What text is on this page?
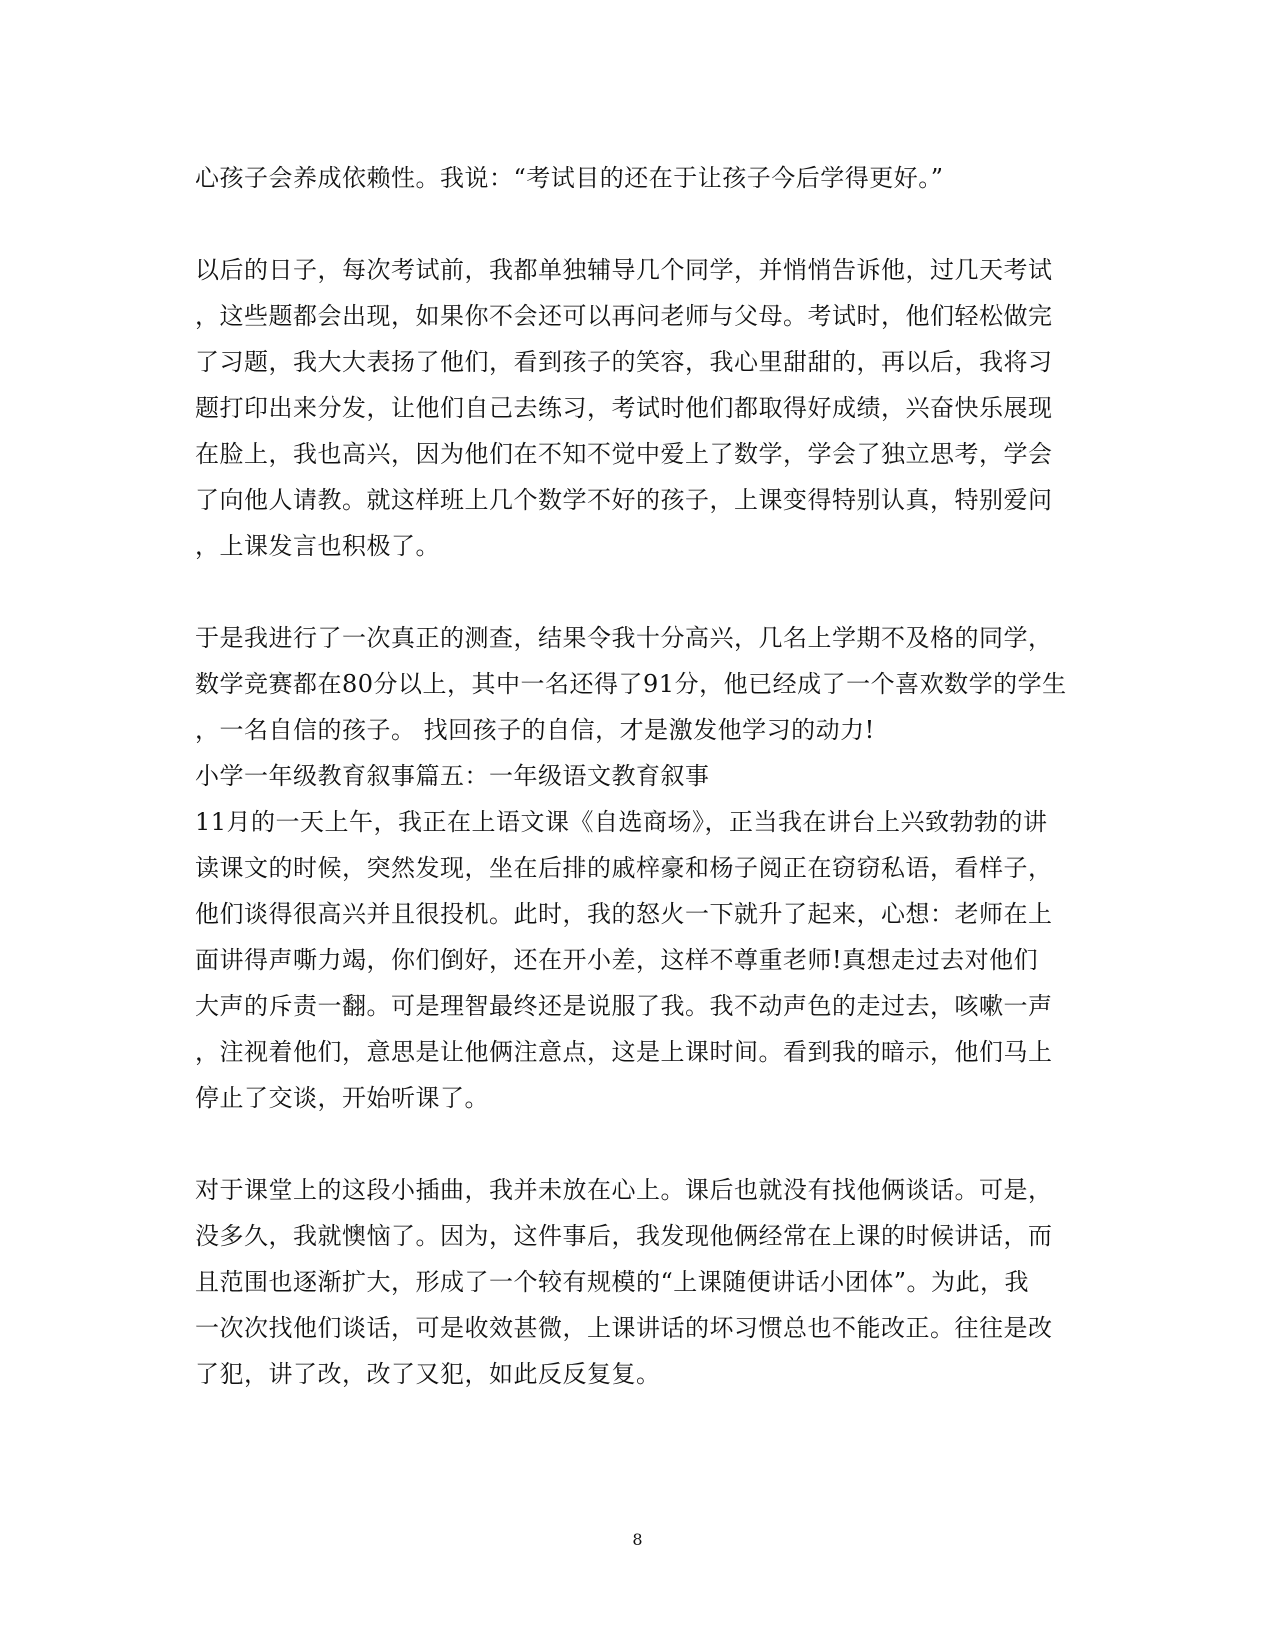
心孩子会养成依赖性。我说：“考试目的还在于让孩子今后学得更好。”
以后的日子，每次考试前，我都单独辅导几个同学，并悄悄告诉他，过几天考试
，这些题都会出现，如果你不会还可以再问老师与父母。考试时，他们轻松做完
了习题，我大大表扬了他们，看到孩子的笑容，我心里甜甜的，再以后，我将习
题打印出来分发，让他们自己去练习，考试时他们都取得好成绩，兴奋快乐展现
在脸上，我也高兴，因为他们在不知不觉中爱上了数学，学会了独立思考，学会
了向他人请教。就这样班上几个数学不好的孩子，上课变得特别认真，特别爱问
，上课发言也积极了。
于是我进行了一次真正的测查，结果令我十分高兴，几名上学期不及格的同学，
数学竞赛都在80分以上，其中一名还得了91分，他已经成了一个喜欢数学的学生
，一名自信的孩子。 找回孩子的自信，才是激发他学习的动力!
小学一年级教育叙事篇五：一年级语文教育叙事
11月的一天上午，我正在上语文课《自选商场》，正当我在讲台上兴致勃勃的讲
读课文的时候，突然发现，坐在后排的戚梓豪和杨子阅正在窃窃私语，看样子，
他们谈得很高兴并且很投机。此时，我的怒火一下就升了起来，心想：老师在上
面讲得声嘶力竭，你们倒好，还在开小差，这样不尊重老师!真想走过去对他们
大声的斥责一翻。可是理智最终还是说服了我。我不动声色的走过去，咳嗽一声
，注视着他们，意思是让他俩注意点，这是上课时间。看到我的暗示，他们马上
停止了交谈，开始听课了。
对于课堂上的这段小插曲，我并未放在心上。课后也就没有找他俩谈话。可是，
没多久，我就懊恼了。因为，这件事后，我发现他俩经常在上课的时候讲话，而
且范围也逐渐扩大，形成了一个较有规模的“上课随便讲话小团体”。为此，我
一次次找他们谈话，可是收效甚微，上课讲话的坏习惯总也不能改正。往往是改
了犯，讲了改，改了又犯，如此反反复复。
8
